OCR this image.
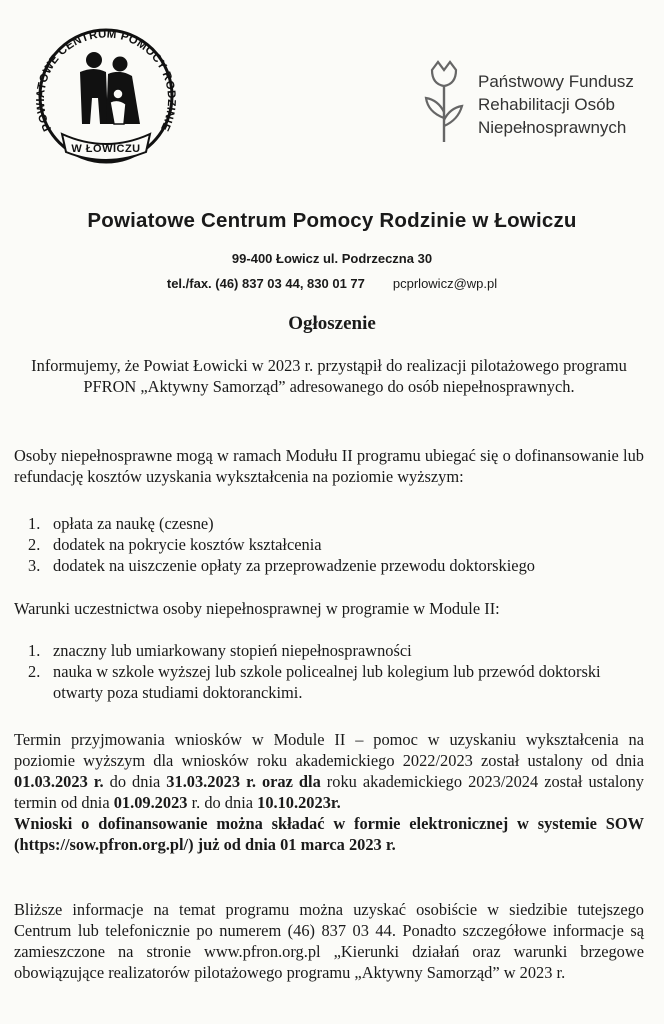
POWIATOWE CENTRUM POMOCY RODZINIE
W ŁOWICZU
Państwowy Fundusz
Rehabilitacji Osób
Niepełnosprawnych
Powiatowe Centrum Pomocy Rodzinie w Łowiczu
99-400 Łowicz ul. Podrzeczna 30
tel./fax. (46) 837 03 44, 830 01 77 pcprlowicz@wp.pl
Ogłoszenie
Informujemy, że Powiat Łowicki w 2023 r. przystąpił do realizacji pilotażowego programu PFRON „Aktywny Samorząd” adresowanego do osób niepełnosprawnych.
Osoby niepełnosprawne mogą w ramach Modułu II programu ubiegać się o dofinansowanie lub refundację kosztów uzyskania wykształcenia na poziomie wyższym:
1. opłata za naukę (czesne)
2. dodatek na pokrycie kosztów kształcenia
3. dodatek na uiszczenie opłaty za przeprowadzenie przewodu doktorskiego
Warunki uczestnictwa osoby niepełnosprawnej w programie w Module II:
1. znaczny lub umiarkowany stopień niepełnosprawności
2. nauka w szkole wyższej lub szkole policealnej lub kolegium lub przewód doktorski otwarty poza studiami doktoranckimi.
Termin przyjmowania wniosków w Module II – pomoc w uzyskaniu wykształcenia na poziomie wyższym dla wniosków roku akademickiego 2022/2023 został ustalony od dnia 01.03.2023 r. do dnia 31.03.2023 r. oraz dla roku akademickiego 2023/2024 został ustalony termin od dnia 01.09.2023 r. do dnia 10.10.2023r.
Wnioski o dofinansowanie można składać w formie elektronicznej w systemie SOW (https://sow.pfron.org.pl/) już od dnia 01 marca 2023 r.
Bliższe informacje na temat programu można uzyskać osobiście w siedzibie tutejszego Centrum lub telefonicznie po numerem (46) 837 03 44. Ponadto szczegółowe informacje są zamieszczone na stronie www.pfron.org.pl „Kierunki działań oraz warunki brzegowe obowiązujące realizatorów pilotażowego programu „Aktywny Samorząd” w 2023 r.
